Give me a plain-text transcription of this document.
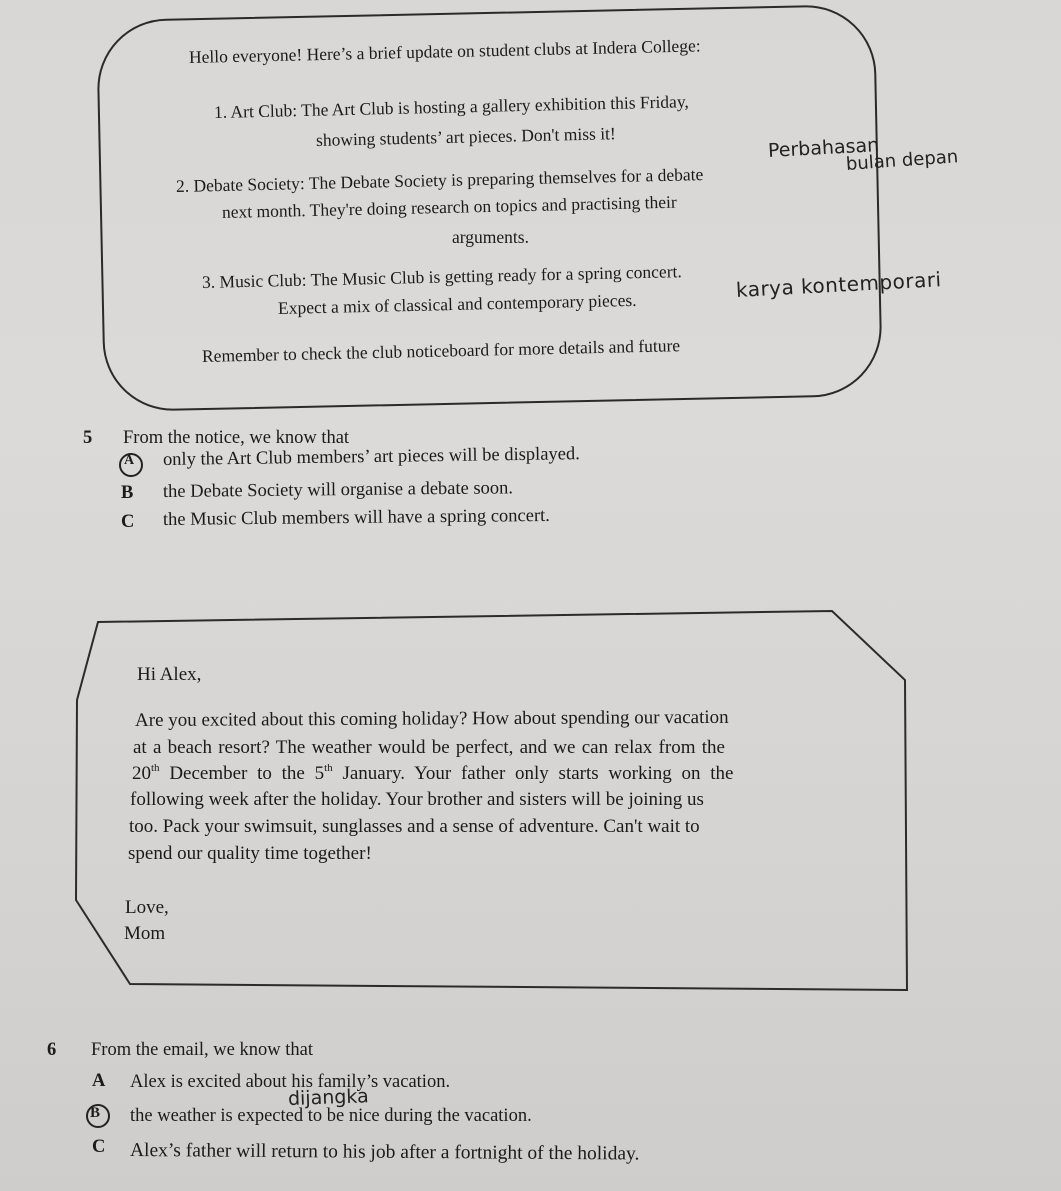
Hello everyone! Here’s a brief update on student clubs at Indera College:
1. Art Club: The Art Club is hosting a gallery exhibition this Friday,
showing students’ art pieces. Don't miss it!
2. Debate Society: The Debate Society is preparing themselves for a debate
next month. They're doing research on topics and practising their
arguments.
3. Music Club: The Music Club is getting ready for a spring concert.
Expect a mix of classical and contemporary pieces.
Remember to check the club noticeboard for more details and future
Perbahasan
bulan depan
karya kontemporari
5 From the notice, we know that
A only the Art Club members’ art pieces will be displayed.
B the Debate Society will organise a debate soon.
C the Music Club members will have a spring concert.
Hi Alex,
Are you excited about this coming holiday? How about spending our vacation
at a beach resort? The weather would be perfect, and we can relax from the
20th December to the 5th January. Your father only starts working on the
following week after the holiday. Your brother and sisters will be joining us
too. Pack your swimsuit, sunglasses and a sense of adventure. Can't wait to
spend our quality time together!
Love,
Mom
6 From the email, we know that
A Alex is excited about his family’s vacation.
B the weather is expected to be nice during the vacation.
dijangka
C Alex’s father will return to his job after a fortnight of the holiday.
